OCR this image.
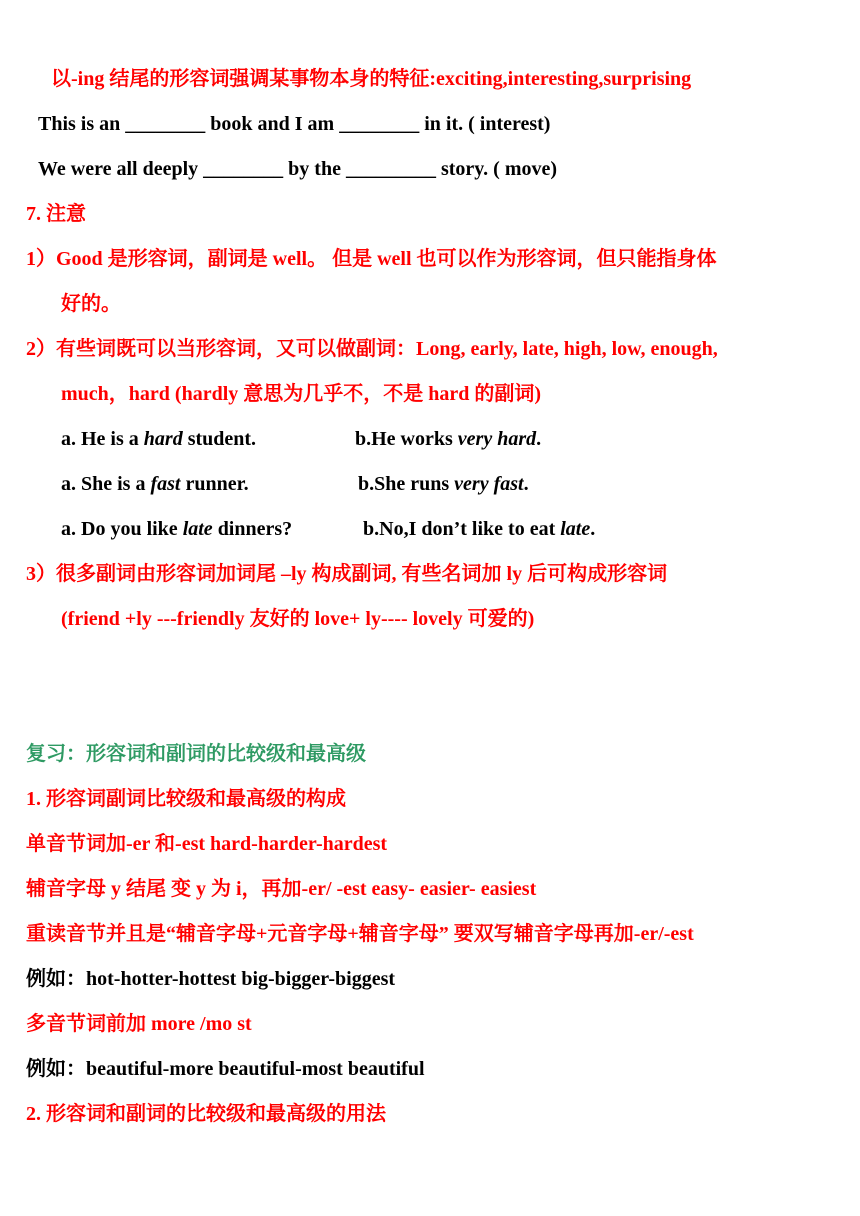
以-ing 结尾的形容词强调某事物本身的特征:exciting,interesting,surprising
This is an ________ book and I am ________ in it. ( interest)
We were all deeply ________ by the _________ story. ( move)
7. 注意
1）Good 是形容词，副词是 well。 但是 well 也可以作为形容词，但只能指身体
好的。
2）有些词既可以当形容词，又可以做副词：Long, early, late, high, low, enough,
much，hard (hardly 意思为几乎不，不是 hard 的副词)
a. He is a hard student.	b.He works very hard.
a. She is a fast runner.	b.She runs very fast.
a. Do you like late dinners?	b.No,I don’t like to eat late.
3）很多副词由形容词加词尾 –ly 构成副词, 有些名词加 ly 后可构成形容词
(friend +ly ---friendly 友好的 love+ ly---- lovely 可爱的)
复习：形容词和副词的比较级和最高级
1. 形容词副词比较级和最高级的构成
单音节词加-er 和-est hard-harder-hardest
辅音字母 y 结尾 变 y 为 i，再加-er/ -est easy- easier- easiest
重读音节并且是“辅音字母+元音字母+辅音字母” 要双写辅音字母再加-er/-est
例如：hot-hotter-hottest big-bigger-biggest
多音节词前加 more /mo st
例如：beautiful-more beautiful-most beautiful
2. 形容词和副词的比较级和最高级的用法
